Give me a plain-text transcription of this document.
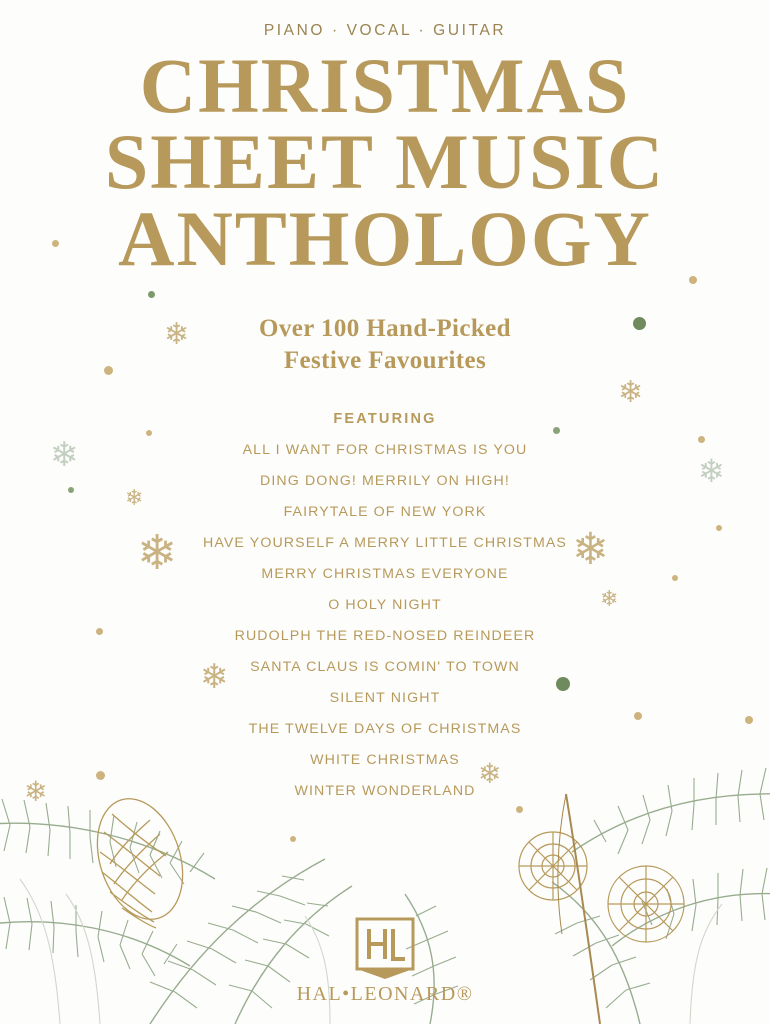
❄
❄
❄
❄
❄
❄
❄
❄
❄
❄
❄
PIANO · VOCAL · GUITAR
CHRISTMAS
SHEET MUSIC
ANTHOLOGY
Over 100 Hand-Picked
Festive Favourites
FEATURING
ALL I WANT FOR CHRISTMAS IS YOU
DING DONG! MERRILY ON HIGH!
FAIRYTALE OF NEW YORK
HAVE YOURSELF A MERRY LITTLE CHRISTMAS
MERRY CHRISTMAS EVERYONE
O HOLY NIGHT
RUDOLPH THE RED-NOSED REINDEER
SANTA CLAUS IS COMIN' TO TOWN
SILENT NIGHT
THE TWELVE DAYS OF CHRISTMAS
WHITE CHRISTMAS
WINTER WONDERLAND
HAL•LEONARD®
